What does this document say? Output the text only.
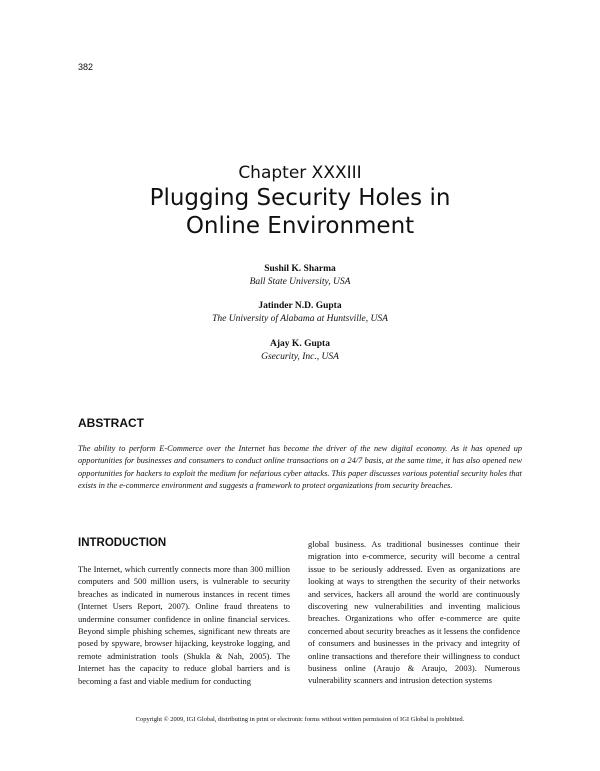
382
Chapter XXXIII
Plugging Security Holes in
Online Environment
Sushil K. Sharma
Ball State University, USA
Jatinder N.D. Gupta
The University of Alabama at Huntsville, USA
Ajay K. Gupta
Gsecurity, Inc., USA
ABSTRACT
The ability to perform E-Commerce over the Internet has become the driver of the new digital economy. As it has opened up opportunities for businesses and consumers to conduct online transactions on a 24/7 basis, at the same time, it has also opened new opportunities for hackers to exploit the medium for nefarious cyber attacks. This paper discusses various potential security holes that exists in the e-commerce environment and suggests a framework to protect organizations from security breaches.
INTRODUCTION
The Internet, which currently connects more than 300 million computers and 500 million users, is vulnerable to security breaches as indicated in numerous instances in recent times (Internet Users Report, 2007). Online fraud threatens to undermine consumer confidence in online financial services. Beyond simple phishing schemes, significant new threats are posed by spyware, browser hijacking, keystroke logging, and remote administration tools (Shukla & Nah, 2005). The Internet has the capacity to reduce global barriers and is becoming a fast and viable medium for conducting
global business. As traditional businesses continue their migration into e-commerce, security will become a central issue to be seriously addressed. Even as organizations are looking at ways to strengthen the security of their networks and services, hackers all around the world are continuously discovering new vulnerabilities and inventing malicious breaches. Organizations who offer e-commerce are quite concerned about security breaches as it lessens the confidence of consumers and businesses in the privacy and integrity of online transactions and therefore their willingness to conduct business online (Araujo & Araujo, 2003). Numerous vulnerability scanners and intrusion detection systems
Copyright © 2009, IGI Global, distributing in print or electronic forms without written permission of IGI Global is prohibited.
